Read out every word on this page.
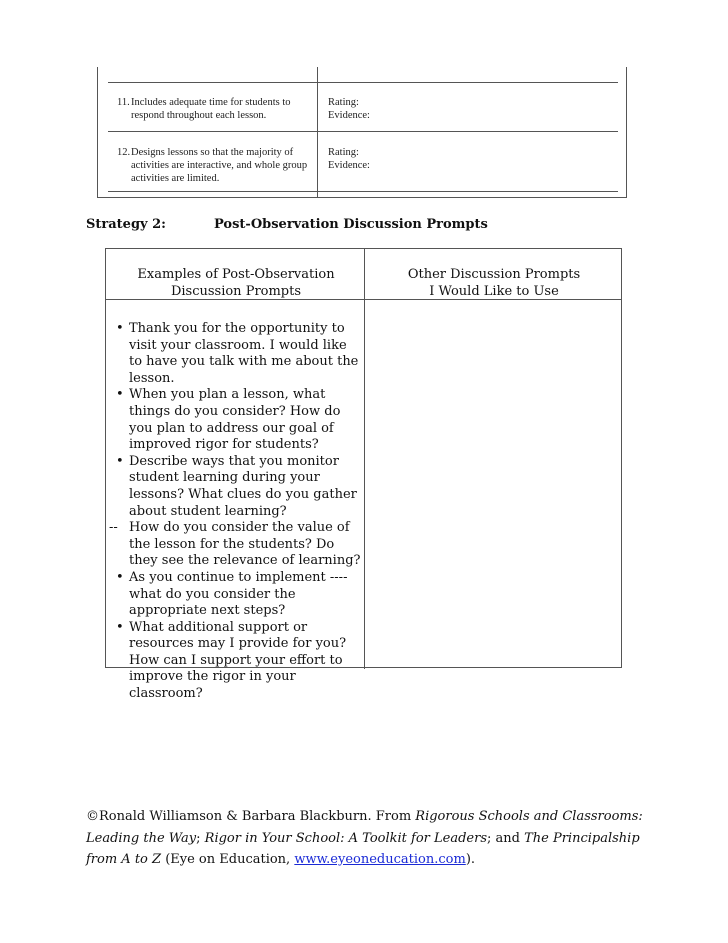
11. Includes adequate time for students to respond throughout each lesson.
Rating:
Evidence:
12. Designs lessons so that the majority of activities are interactive, and whole group activities are limited.
Rating:
Evidence:
Strategy 2:	Post-Observation Discussion Prompts
Examples of Post-Observation Discussion Prompts
Other Discussion Prompts I Would Like to Use
• Thank you for the opportunity to visit your classroom. I would like to have you talk with me about the lesson.
• When you plan a lesson, what things do you consider? How do you plan to address our goal of improved rigor for students?
• Describe ways that you monitor student learning during your lessons? What clues do you gather about student learning?
-- How do you consider the value of the lesson for the students? Do they see the relevance of learning?
• As you continue to implement ---- what do you consider the appropriate next steps?
• What additional support or resources may I provide for you? How can I support your effort to improve the rigor in your classroom?
©Ronald Williamson & Barbara Blackburn. From Rigorous Schools and Classrooms: Leading the Way; Rigor in Your School: A Toolkit for Leaders; and The Principalship from A to Z (Eye on Education, www.eyeoneducation.com).
